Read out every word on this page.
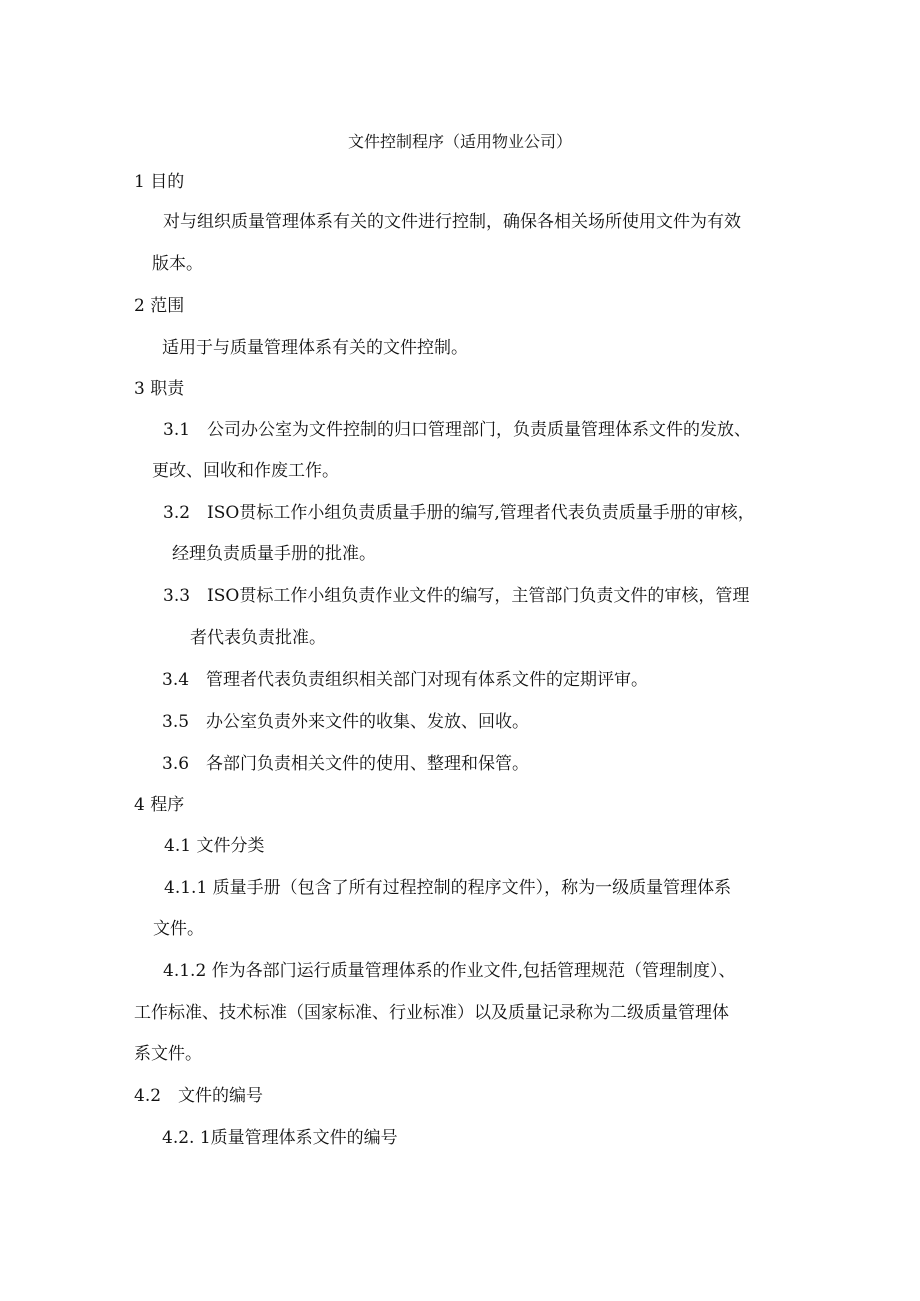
文件控制程序（适用物业公司）
1 目的
对与组织质量管理体系有关的文件进行控制，确保各相关场所使用文件为有效
版本。
2 范围
适用于与质量管理体系有关的文件控制。
3 职责
3.1　公司办公室为文件控制的归口管理部门，负责质量管理体系文件的发放、
更改、回收和作废工作。
3.2　ISO贯标工作小组负责质量手册的编写,管理者代表负责质量手册的审核，
经理负责质量手册的批准。
3.3　ISO贯标工作小组负责作业文件的编写，主管部门负责文件的审核，管理
者代表负责批准。
3.4　管理者代表负责组织相关部门对现有体系文件的定期评审。
3.5　办公室负责外来文件的收集、发放、回收。
3.6　各部门负责相关文件的使用、整理和保管。
4 程序
4.1 文件分类
4.1.1 质量手册（包含了所有过程控制的程序文件），称为一级质量管理体系
文件。
4.1.2 作为各部门运行质量管理体系的作业文件,包括管理规范（管理制度）、
工作标准、技术标准（国家标准、行业标准）以及质量记录称为二级质量管理体
系文件。
4.2　文件的编号
4.2. 1质量管理体系文件的编号
